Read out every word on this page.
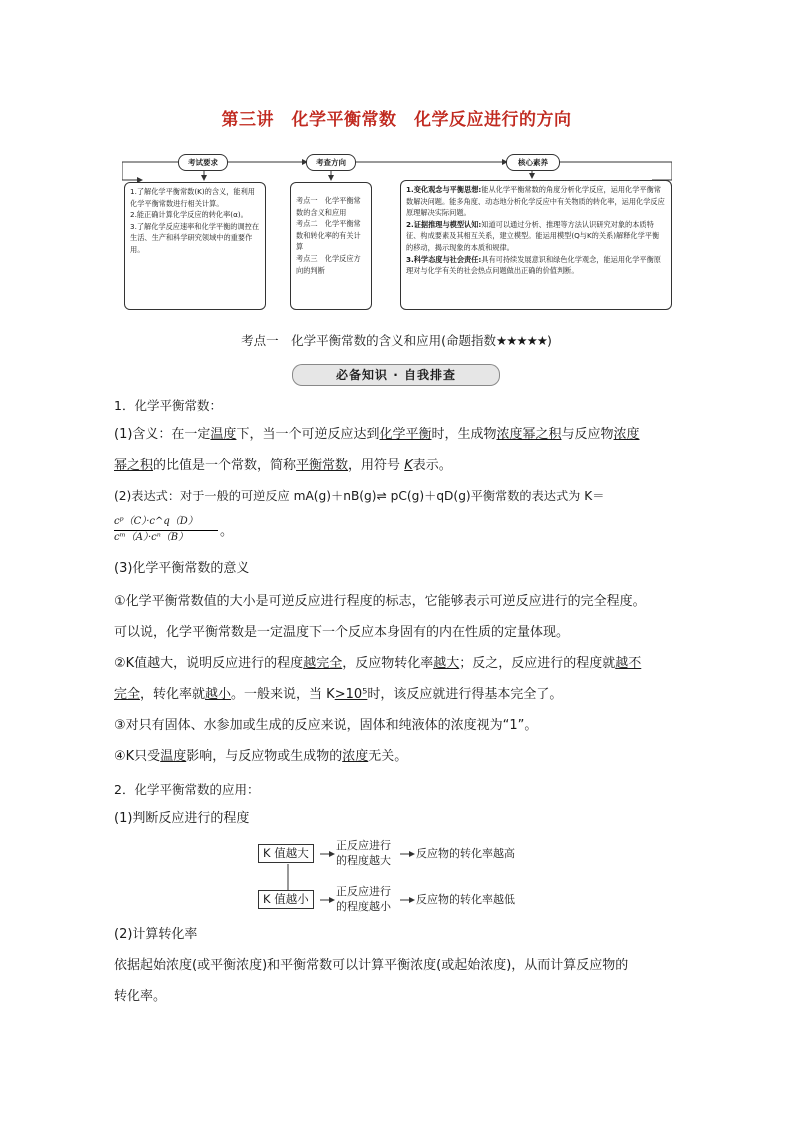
第三讲　化学平衡常数　化学反应进行的方向
考试要求	考查方向	核心素养

1.了解化学平衡常数(K)的含义，能利用化学平衡常数进行相关计算。

2.能正确计算化学反应的转化率(α)。

3.了解化学反应速率和化学平衡的调控在生活、生产和科学研究领域中的重要作用。

考点一　化学平衡常数的含义和应用

考点二　化学平衡常数和转化率的有关计算

考点三　化学反应方向的判断

1.变化观念与平衡思想:能从化学平衡常数的角度分析化学反应，运用化学平衡常数解决问题。能多角度、动态地分析化学反应中有关物质的转化率，运用化学反应原理解决实际问题。

2.证据推理与模型认知:知道可以通过分析、推理等方法认识研究对象的本质特征、构成要素及其相互关系，建立模型。能运用模型(Q与K的关系)解释化学平衡的移动，揭示现象的本质和规律。

3.科学态度与社会责任:具有可持续发展意识和绿色化学观念，能运用化学平衡原理对与化学有关的社会热点问题做出正确的价值判断。

考点一　化学平衡常数的含义和应用(命题指数★★★★★)
必备知识 · 自我排查
1．化学平衡常数：
(1)含义：在一定温度下，当一个可逆反应达到化学平衡时，生成物浓度幂之积与反应物浓度
幂之积的比值是一个常数，简称平衡常数，用符号 K表示。
(2)表达式：对于一般的可逆反应 mA(g)＋nB(g)⇌ pC(g)＋qD(g)平衡常数的表达式为 K＝
$\frac{\text{cᵖ（C）·c\textasciicircum{}q（D）}}{\text{cᵐ（A）·cⁿ（B）}}$ 。
(3)化学平衡常数的意义
①化学平衡常数值的大小是可逆反应进行程度的标志，它能够表示可逆反应进行的完全程度。
可以说，化学平衡常数是一定温度下一个反应本身固有的内在性质的定量体现。
②K值越大，说明反应进行的程度越完全，反应物转化率越大；反之，反应进行的程度就越不
完全，转化率就越小。一般来说，当 K>10⁵时，该反应就进行得基本完全了。
③对只有固体、水参加或生成的反应来说，固体和纯液体的浓度视为“1”。
④K只受温度影响，与反应物或生成物的浓度无关。
2．化学平衡常数的应用：
(1)判断反应进行的程度
K 值越大
K 值越小
正反应进行
的程度越大
正反应进行
的程度越小
反应物的转化率越高
反应物的转化率越低
(2)计算转化率
依据起始浓度(或平衡浓度)和平衡常数可以计算平衡浓度(或起始浓度)，从而计算反应物的
转化率。
